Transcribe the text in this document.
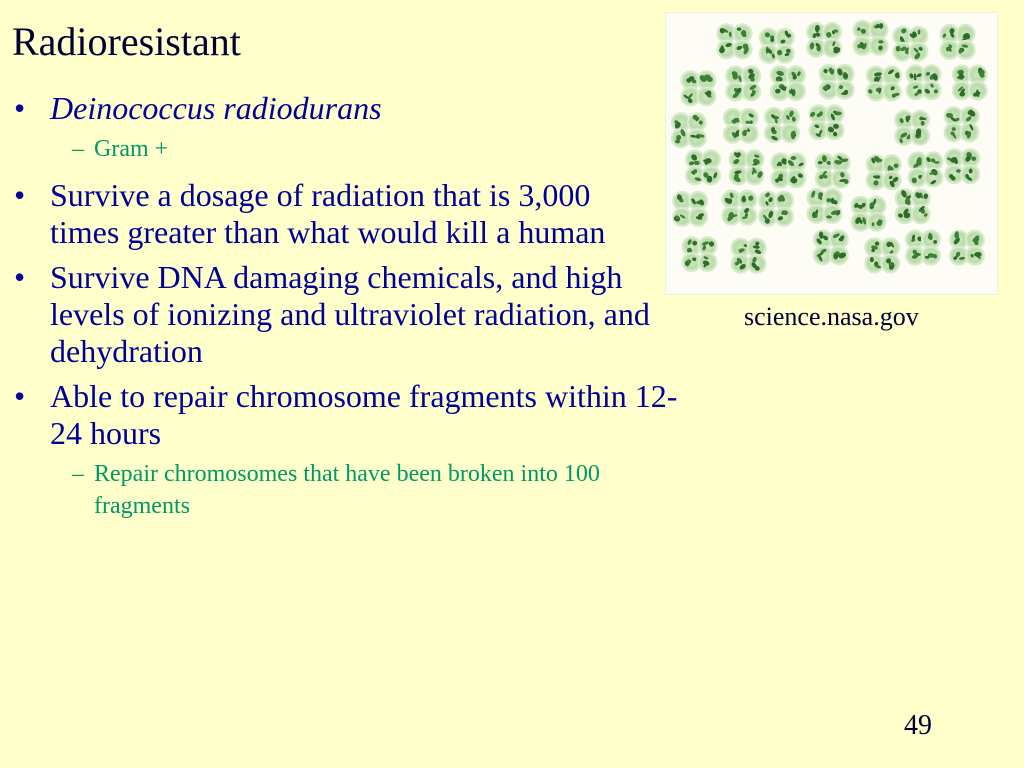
Radioresistant
• Deinococcus radiodurans
– Gram +
• Survive a dosage of radiation that is 3,000 times greater than what would kill a human
• Survive DNA damaging chemicals, and high levels of ionizing and ultraviolet radiation, and dehydration
• Able to repair chromosome fragments within 12-24 hours
– Repair chromosomes that have been broken into 100 fragments
science.nasa.gov
49
